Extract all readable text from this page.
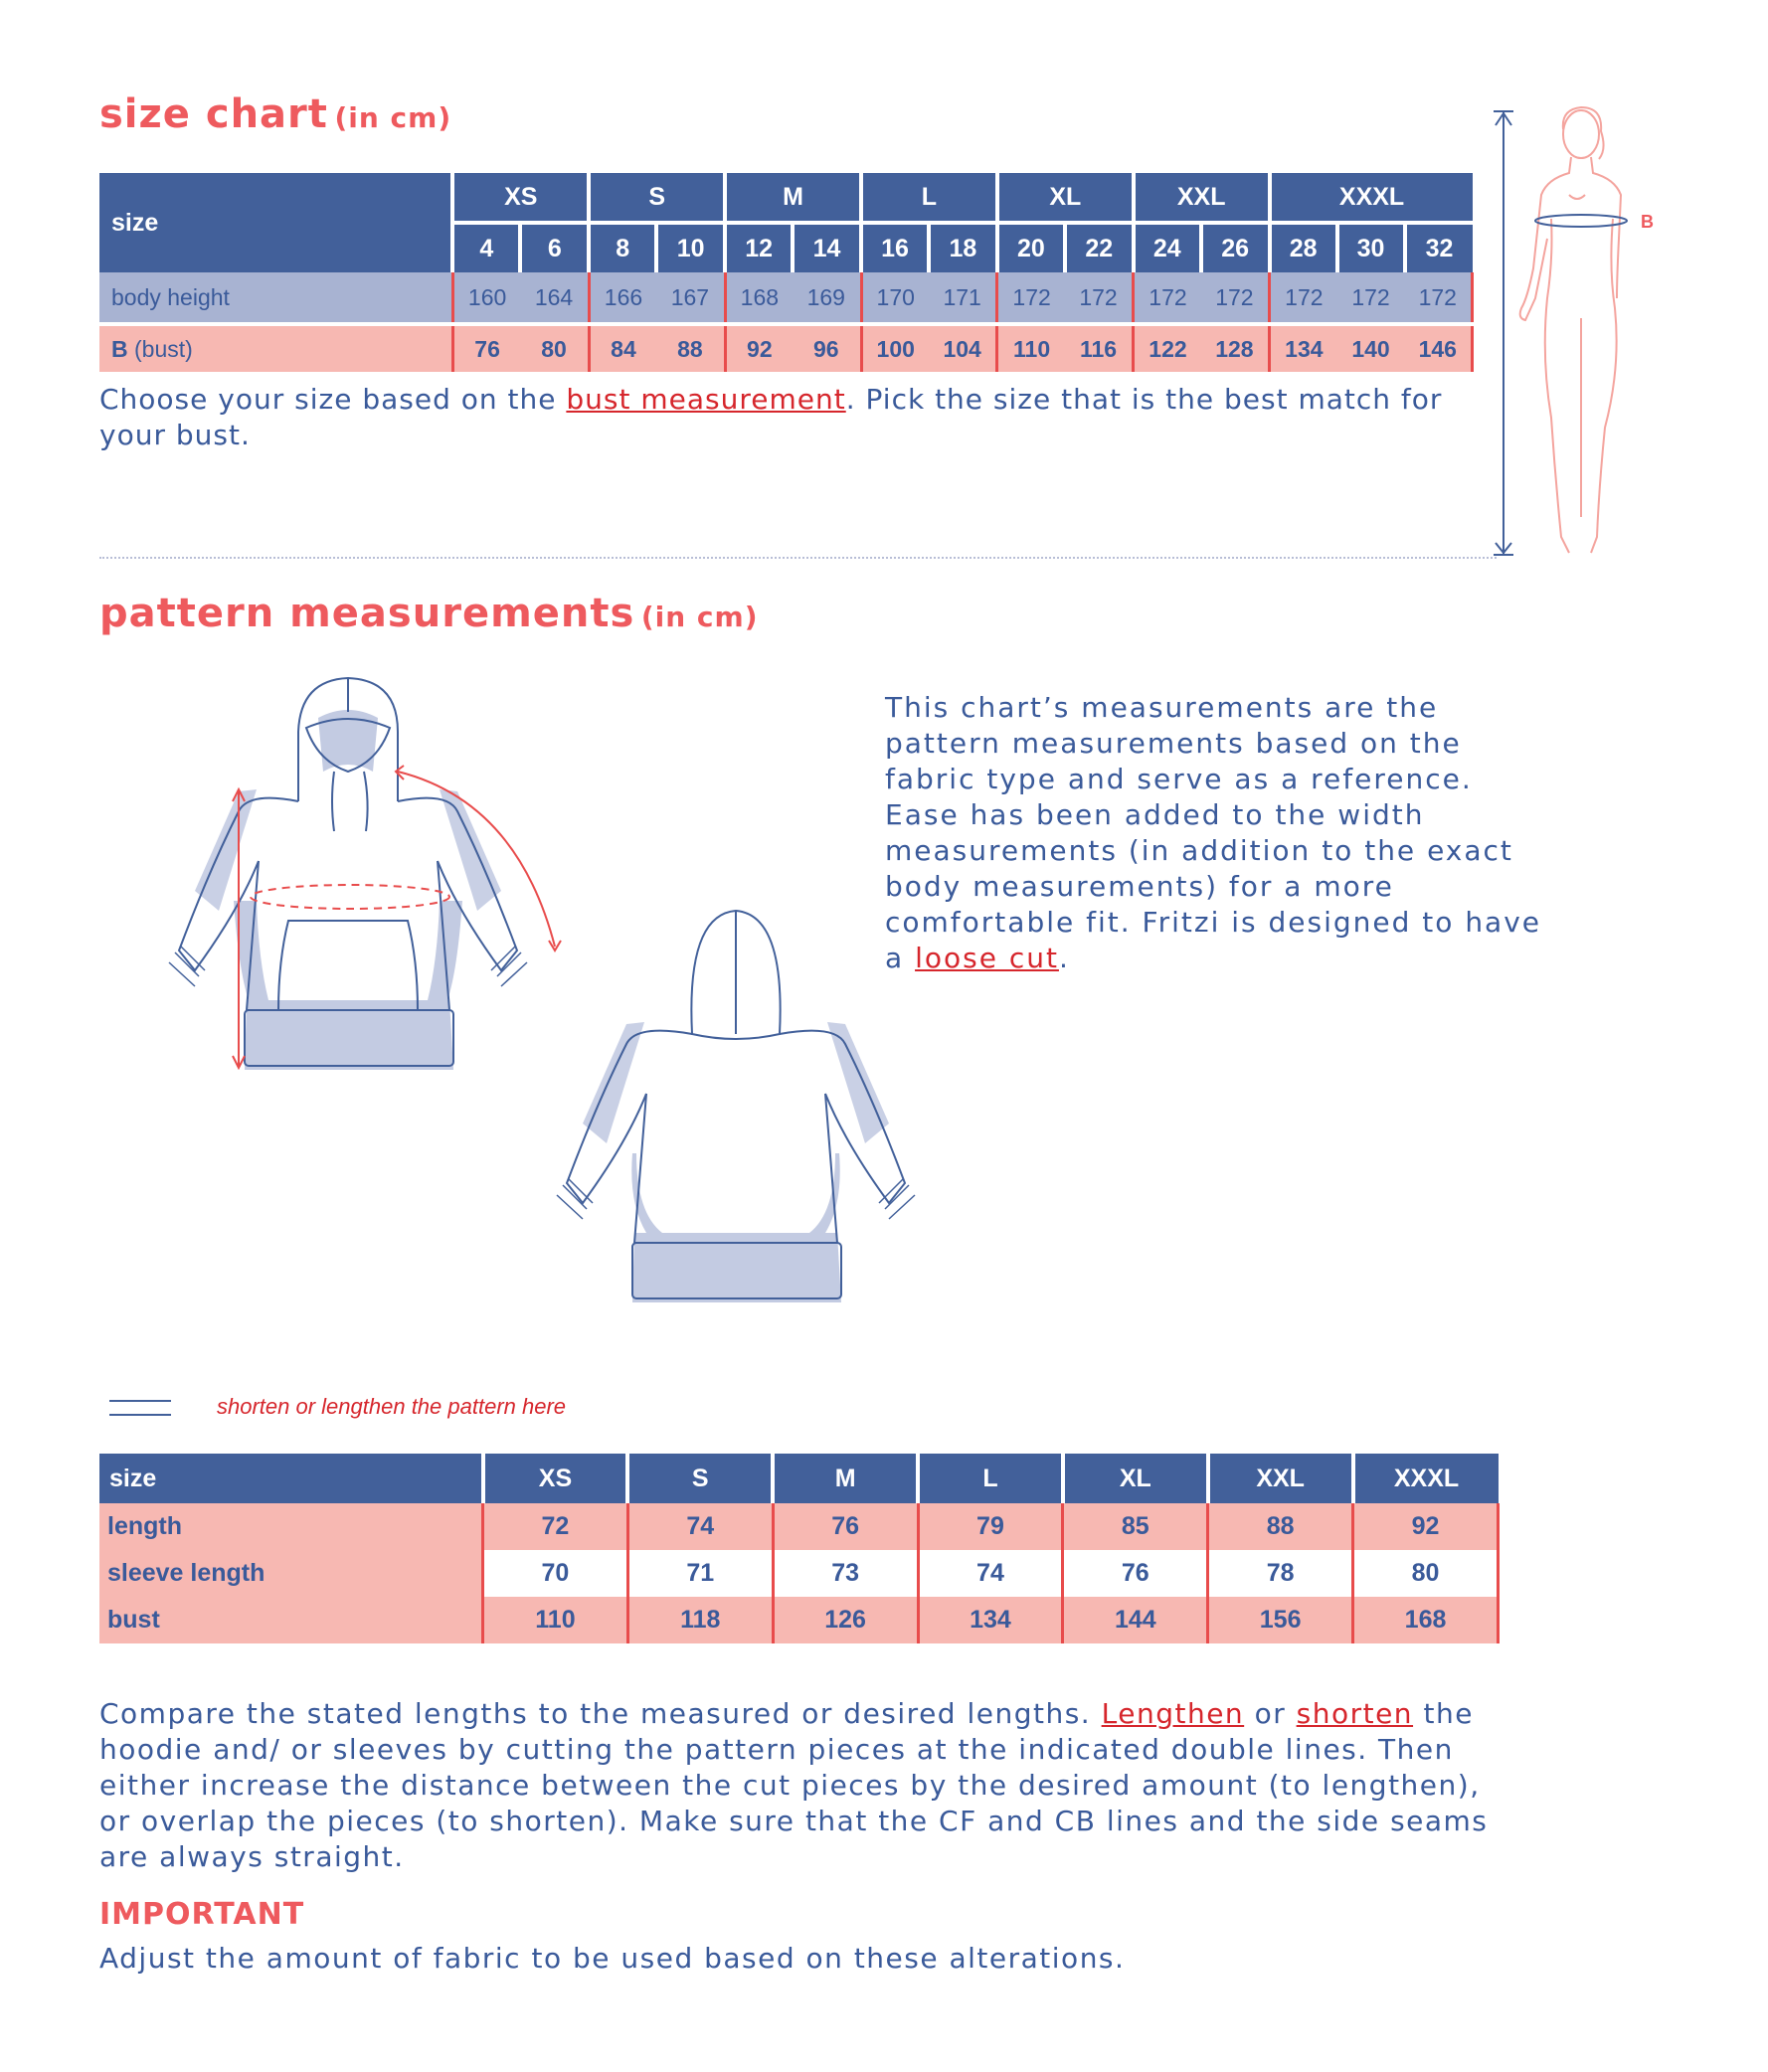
size chart (in cm)
size	XS		S		M		L		XL		XXL		XXXL		
	4	6	8	10	12	14	16	18	20	22	24	26	28	30	32
body height	160	164	166	167	168	169	170	171	172	172	172	172	172	172	172
B (bust)	76	80	84	88	92	96	100	104	110	116	122	128	134	140	146
Choose your size based on the bust measurement. Pick the size that is the best match for your bust.
B
pattern measurements (in cm)
This chart’s measurements are the pattern measurements based on the fabric type and serve as a reference. Ease has been added to the width measurements (in addition to the exact body measurements) for a more comfortable fit. Fritzi is designed to have a loose cut.
shorten or lengthen the pattern here
size	XS	S	M	L	XL	XXL	XXXL
length	72	74	76	79	85	88	92
sleeve length	70	71	73	74	76	78	80
bust	110	118	126	134	144	156	168
Compare the stated lengths to the measured or desired lengths. Lengthen or shorten the hoodie and/ or sleeves by cutting the pattern pieces at the indicated double lines. Then either increase the distance between the cut pieces by the desired amount (to lengthen), or overlap the pieces (to shorten). Make sure that the CF and CB lines and the side seams are always straight.
IMPORTANT
Adjust the amount of fabric to be used based on these alterations.
